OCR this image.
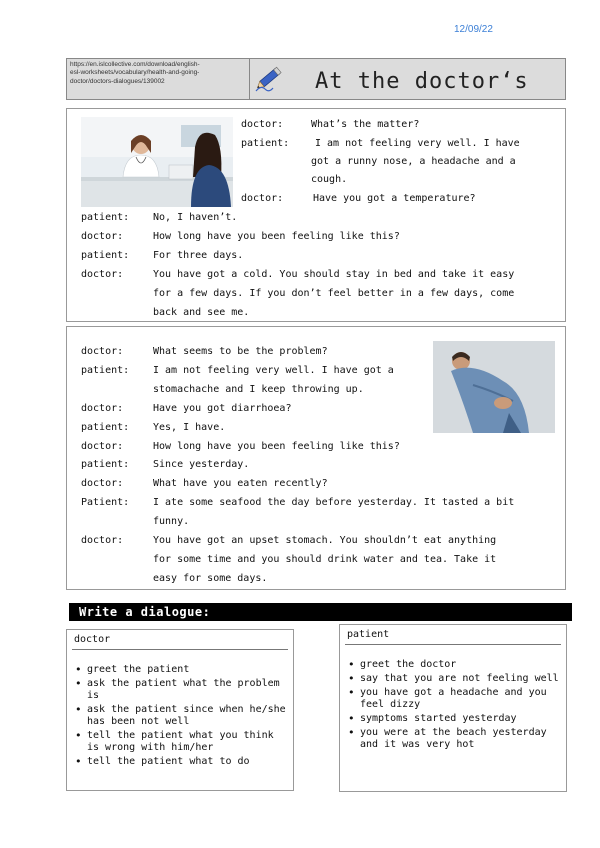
12/09/22
https://en.islcollective.com/download/english-
esl-worksheets/vocabulary/health-and-going-
doctor/doctors-dialogues/139002	At the doctor‘s
doctor:	What’s the matter?
patient:	I am not feeling very well. I have
got a runny nose, a headache and a
cough.
doctor:	Have you got a temperature?
patient: No, I haven’t.
doctor:	How long have you been feeling like this?
patient: For three days.
doctor:	You have got a cold. You should stay in bed and take it easy
for a few days. If you don’t feel better in a few days, come
back and see me.
doctor:	What seems to be the problem?
patient: I am not feeling very well. I have got a
stomachache and I keep throwing up.
doctor:	Have you got diarrhoea?
patient: Yes, I have.
doctor:	How long have you been feeling like this?
patient: Since yesterday.
doctor:	What have you eaten recently?
Patient: I ate some seafood the day before yesterday. It tasted a bit
funny.
doctor:	You have got an upset stomach. You shouldn’t eat anything
for some time and you should drink water and tea. Take it
easy for some days.
Write a dialogue:
doctor
• greet the patient
• ask the patient what the problem is
• ask the patient since when he/she has been not well
• tell the patient what you think is wrong with him/her
• tell the patient what to do
patient
• greet the doctor
• say that you are not feeling well
• you have got a headache and you feel dizzy
• symptoms started yesterday
• you were at the beach yesterday and it was very hot
